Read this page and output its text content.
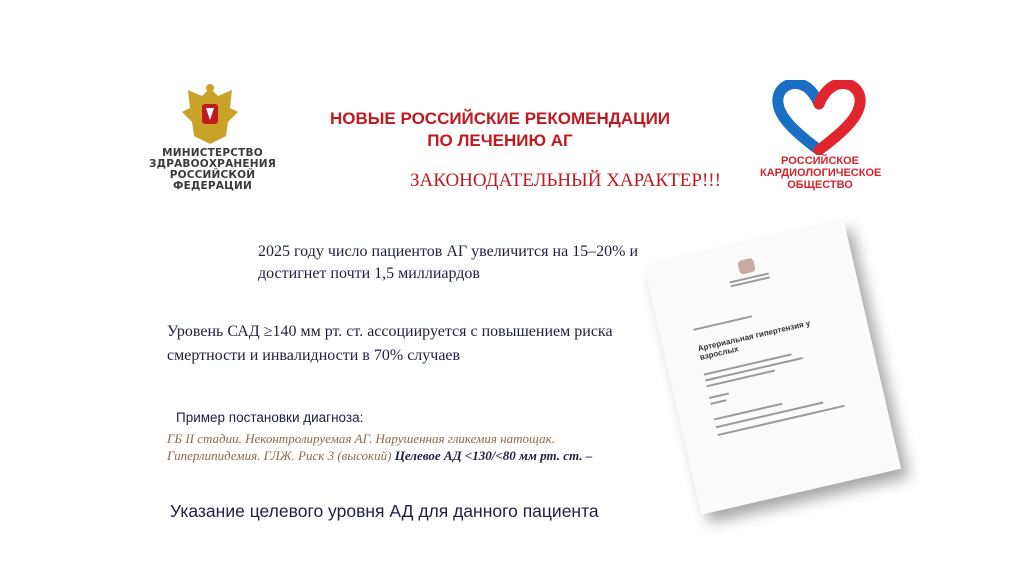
МИНИСТЕРСТВО
ЗДРАВООХРАНЕНИЯ
РОССИЙСКОЙ ФЕДЕРАЦИИ
НОВЫЕ РОССИЙСКИЕ РЕКОМЕНДАЦИИ
ПО ЛЕЧЕНИЮ АГ
ЗАКОНОДАТЕЛЬНЫЙ ХАРАКТЕР!!!
РОССИЙСКОЕ
КАРДИОЛОГИЧЕСКОЕ
ОБЩЕСТВО
2025 году число пациентов АГ увеличится на 15–20% и достигнет почти 1,5 миллиардов
Уровень САД ≥140 мм рт. ст. ассоциируется с повышением риска смертности и инвалидности в 70% случаев
Пример постановки диагноза:
ГБ II стадии. Неконтролируемая АГ. Нарушенная гликемия натощак. Гиперлипидемия. ГЛЖ. Риск 3 (высокий) Целевое АД <130/<80 мм рт. ст. –
Указание целевого уровня АД для данного пациента
Артериальная гипертензия у взрослых
